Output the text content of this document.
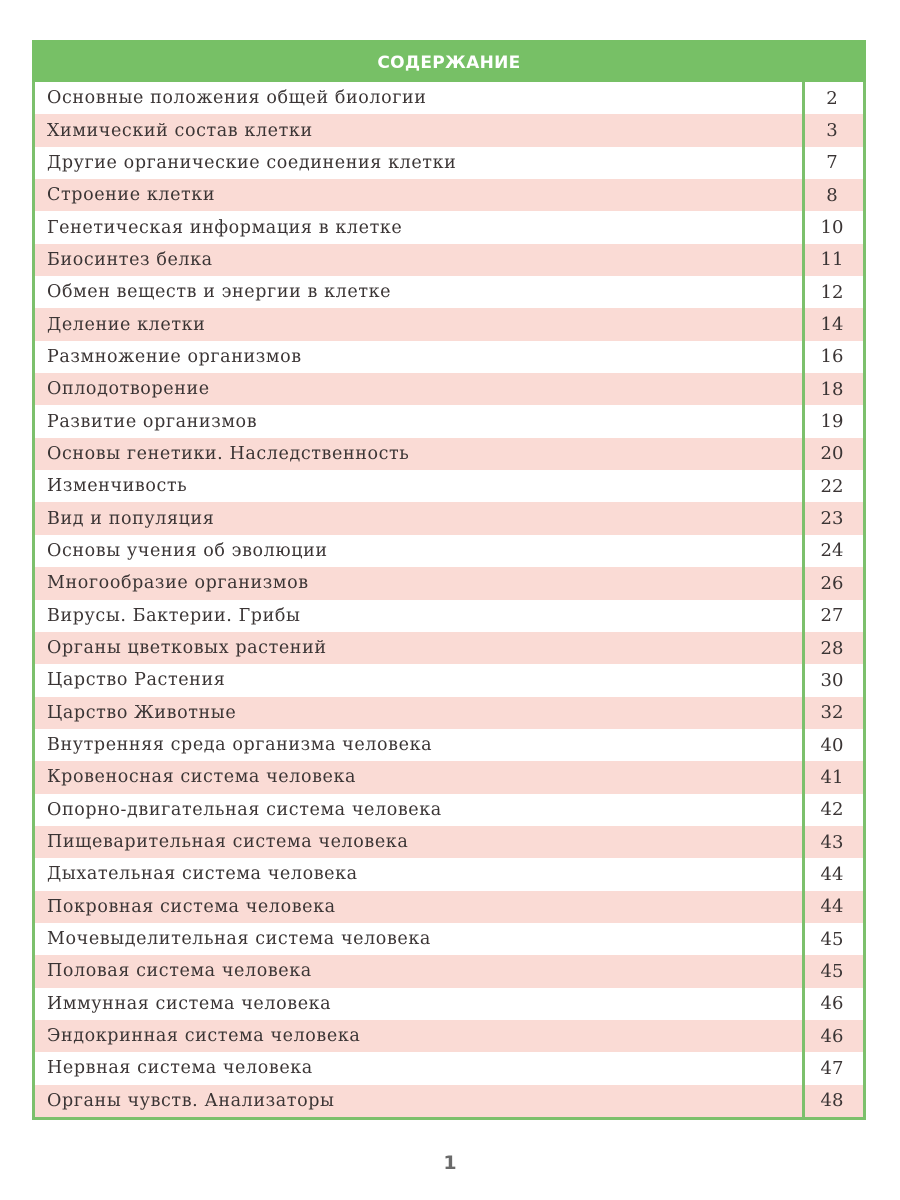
СОДЕРЖАНИЕ
Основные положения общей биологии	2
Химический состав клетки	3
Другие органические соединения клетки	7
Строение клетки	8
Генетическая информация в клетке	10
Биосинтез белка	11
Обмен веществ и энергии в клетке	12
Деление клетки	14
Размножение организмов	16
Оплодотворение	18
Развитие организмов	19
Основы генетики. Наследственность	20
Изменчивость	22
Вид и популяция	23
Основы учения об эволюции	24
Многообразие организмов	26
Вирусы. Бактерии. Грибы	27
Органы цветковых растений	28
Царство Растения	30
Царство Животные	32
Внутренняя среда организма человека	40
Кровеносная система человека	41
Опорно-двигательная система человека	42
Пищеварительная система человека	43
Дыхательная система человека	44
Покровная система человека	44
Мочевыделительная система человека	45
Половая система человека	45
Иммунная система человека	46
Эндокринная система человека	46
Нервная система человека	47
Органы чувств. Анализаторы	48
1
